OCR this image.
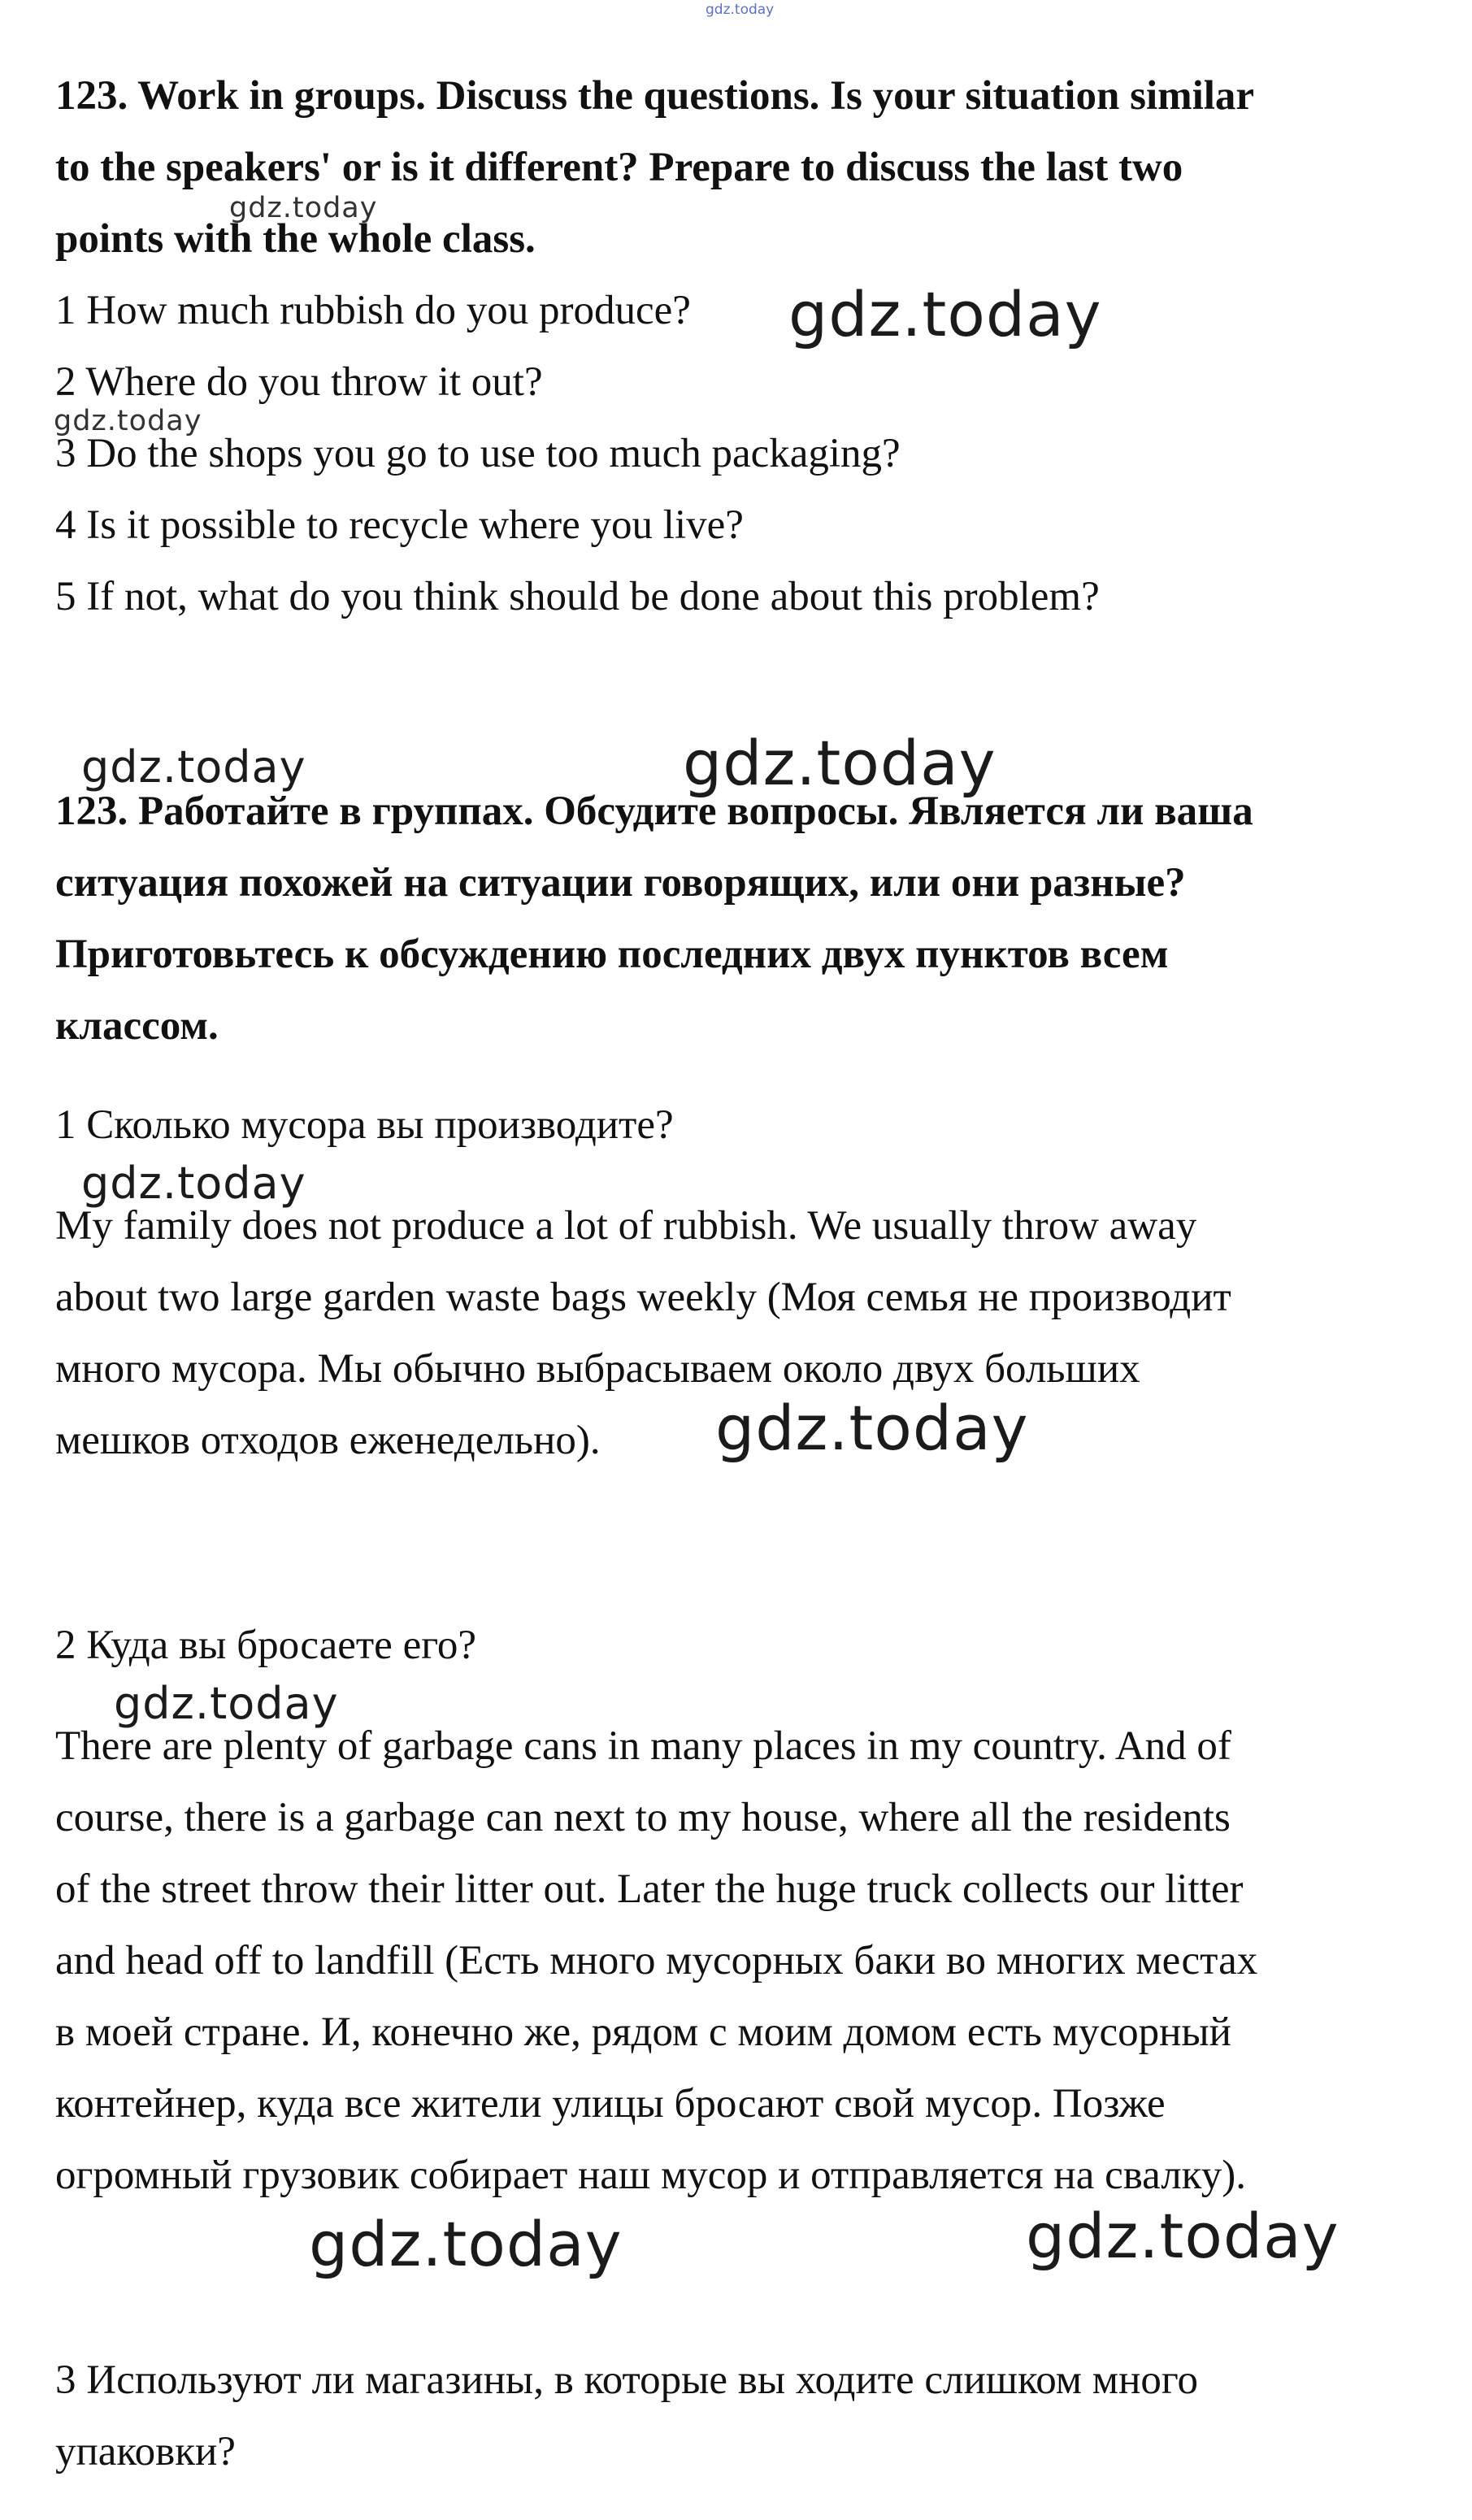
gdz.today

123. Work in groups. Discuss the questions. Is your situation similar

to the speakers' or is it different? Prepare to discuss the last two

points with the whole class.

1 How much rubbish do you produce?

2 Where do you throw it out?

3 Do the shops you go to use too much packaging?

4 Is it possible to recycle where you live?

5 If not, what do you think should be done about this problem?

123. Работайте в группах. Обсудите вопросы. Является ли ваша

ситуация похожей на ситуации говорящих, или они разные?

Приготовьтесь к обсуждению последних двух пунктов всем

классом.

1 Сколько мусора вы производите?

My family does not produce a lot of rubbish. We usually throw away

about two large garden waste bags weekly (Моя семья не производит

много мусора. Мы обычно выбрасываем около двух больших

мешков отходов еженедельно).

2 Куда вы бросаете его?

There are plenty of garbage cans in many places in my country. And of

course, there is a garbage can next to my house, where all the residents

of the street throw their litter out. Later the huge truck collects our litter

and head off to landfill (Есть много мусорных баки во многих местах

в моей стране. И, конечно же, рядом с моим домом есть мусорный

контейнер, куда все жители улицы бросают свой мусор. Позже

огромный грузовик собирает наш мусор и отправляется на свалку).

3 Используют ли магазины, в которые вы ходите слишком много

упаковки?

gdz.today
gdz.today
gdz.today
gdz.today	gdz.today
gdz.today
gdz.today
gdz.today
gdz.today	gdz.today
